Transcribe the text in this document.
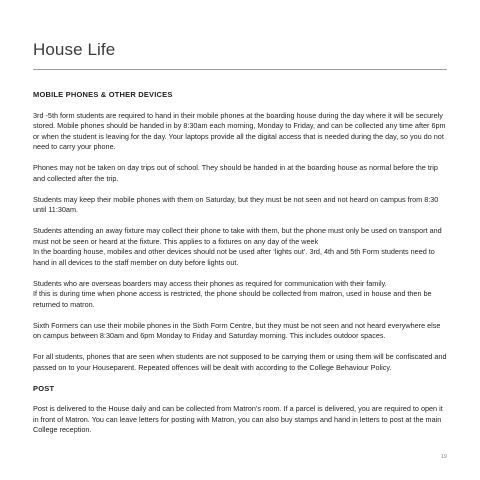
House Life
MOBILE PHONES & OTHER DEVICES

3rd -5th form students are required to hand in their mobile phones at the boarding house during the day where it will be securely stored. Mobile phones should be handed in by 8:30am each morning, Monday to Friday, and can be collected any time after 6pm or when the student is leaving for the day. Your laptops provide all the digital access that is needed during the day, so you do not need to carry your phone.

Phones may not be taken on day trips out of school. They should be handed in at the boarding house as normal before the trip and collected after the trip.

Students may keep their mobile phones with them on Saturday, but they must be not seen and not heard on campus from 8:30 until 11:30am.

Students attending an away fixture may collect their phone to take with them, but the phone must only be used on transport and must not be seen or heard at the fixture. This applies to a fixtures on any day of the week
In the boarding house, mobiles and other devices should not be used after ‘lights out’. 3rd, 4th and 5th Form students need to hand in all devices to the staff member on duty before lights out.

Students who are overseas boarders may access their phones as required for communication with their family.
If this is during time when phone access is restricted, the phone should be collected from matron, used in house and then be returned to matron.

Sixth Formers can use their mobile phones in the Sixth Form Centre, but they must be not seen and not heard everywhere else on campus between 8:30am and 6pm Monday to Friday and Saturday morning. This includes outdoor spaces.

For all students, phones that are seen when students are not supposed to be carrying them or using them will be confiscated and passed on to your Houseparent. Repeated offences will be dealt with according to the College Behaviour Policy.

POST

Post is delivered to the House daily and can be collected from Matron’s room. If a parcel is delivered, you are required to open it in front of Matron. You can leave letters for posting with Matron, you can also buy stamps and hand in letters to post at the main College reception.

19
